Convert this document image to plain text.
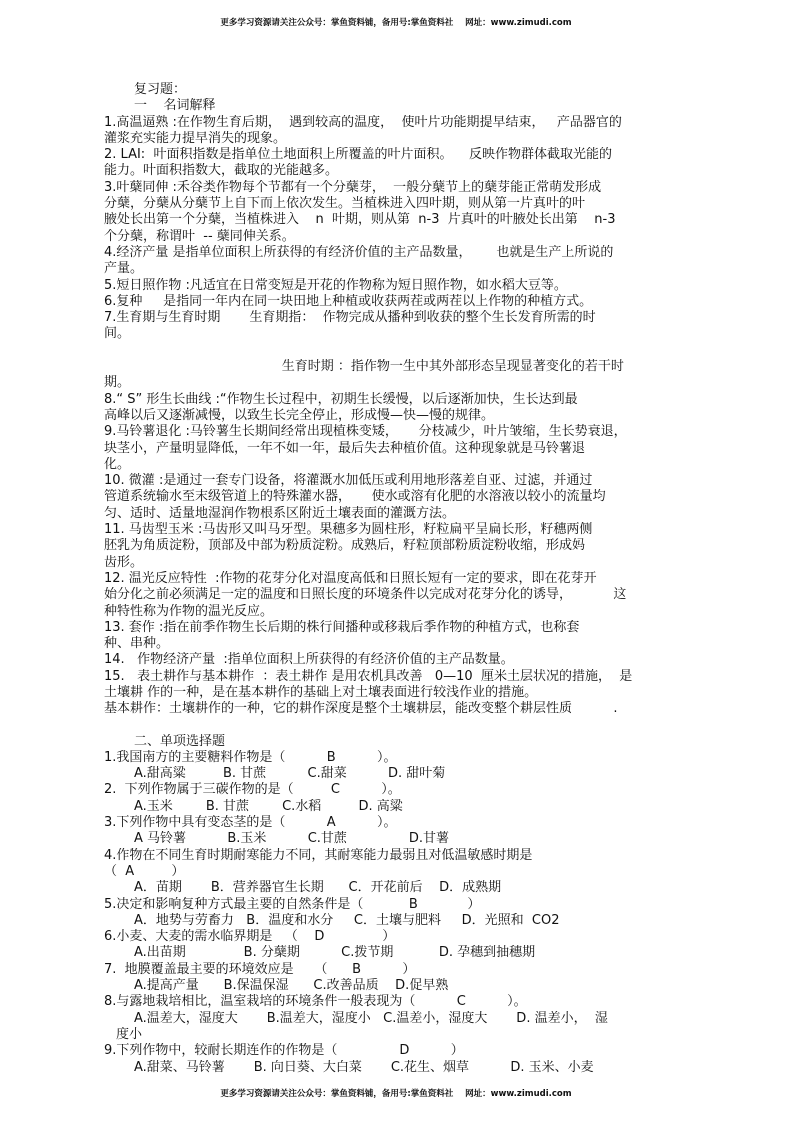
更多学习资源请关注公众号：掌鱼资料铺，备用号:掌鱼资料社    网址：www.zimudi.com
复习题：
一    名词解释
1.高温逼熟 :在作物生育后期，  遇到较高的温度，  使叶片功能期提早结束，   产品器官的
灌浆充实能力提早消失的现象。
2. LAI:  叶面积指数是指单位土地面积上所覆盖的叶片面积。    反映作物群体截取光能的
能力。叶面积指数大，截取的光能越多。
3.叶蘖同伸 :禾谷类作物每个节都有一个分蘖芽，  一般分蘖节上的蘖芽能正常萌发形成
分蘖，分蘖从分蘖节上自下而上依次发生。当植株进入四叶期，则从第一片真叶的叶
腋处长出第一个分蘖，当植株进入    n  叶期，则从第  n-3  片真叶的叶腋处长出第    n-3
个分蘖，称谓叶  -- 蘖同伸关系。
4.经济产量 是指单位面积上所获得的有经济价值的主产品数量，      也就是生产上所说的
产量。
5.短日照作物 :凡适宜在日常变短是开花的作物称为短日照作物，如水稻大豆等。
6.复种     是指同一年内在同一块田地上种植或收获两茬或两茬以上作物的种植方式。
7.生育期与生育时期       生育期指：  作物完成从播种到收获的整个生长发育所需的时
间。
生育时期 ：指作物一生中其外部形态呈现显著变化的若干时
期。
8.“ S” 形生长曲线 :“作物生长过程中，初期生长缓慢，以后逐渐加快，生长达到最
高峰以后又逐渐减慢，以致生长完全停止，形成慢—快—慢的规律。
9.马铃薯退化 :马铃薯生长期间经常出现植株变矮，     分枝减少，叶片皱缩，生长势衰退，
块茎小，产量明显降低，一年不如一年，最后失去种植价值。这种现象就是马铃薯退
化。
10. 微灌 :是通过一套专门设备，将灌溉水加低压或利用地形落差自亚、过滤，并通过
管道系统输水至末级管道上的特殊灌水器，     使水或溶有化肥的水溶液以较小的流量均
匀、适时、适量地湿润作物根系区附近土壤表面的灌溉方法。
11. 马齿型玉米 :马齿形又叫马牙型。果穗多为圆柱形，籽粒扁平呈扁长形，籽穗两侧
胚乳为角质淀粉，顶部及中部为粉质淀粉。成熟后，籽粒顶部粉质淀粉收缩，形成妈
齿形。
12. 温光反应特性  :作物的花芽分化对温度高低和日照长短有一定的要求，即在花芽开
始分化之前必须满足一定的温度和日照长度的环境条件以完成对花芽分化的诱导，          这
种特性称为作物的温光反应。
13. 套作 :指在前季作物生长后期的株行间播种或移栽后季作物的种植方式，也称套
种、串种。
14.   作物经济产量  :指单位面积上所获得的有经济价值的主产品数量。
15.   表土耕作与基本耕作  ：表土耕作 是用农机具改善   0—10  厘米土层状况的措施，  是
土壤耕 作的一种，是在基本耕作的基础上对土壤表面进行较浅作业的措施。
基本耕作：土壤耕作的一种，它的耕作深度是整个土壤耕层，能改变整个耕层性质          .
二、单项选择题
1.我国南方的主要糖料作物是（          B          ）。
A.甜高粱         B. 甘蔗          C.甜菜          D. 甜叶菊
2.  下列作物属于三碳作物的是（         C          ）。
A.玉米        B. 甘蔗        C.水稻         D. 高粱
3.下列作物中具有变态茎的是（          A          ）。
A 马铃薯          B.玉米          C.甘蔗               D.甘薯
4.作物在不同生育时期耐寒能力不同，其耐寒能力最弱且对低温敏感时期是
（  A         ）
A．苗期       B．营养器官生长期      C．开花前后    D．成熟期
5.决定和影响复种方式最主要的自然条件是（           B            ）
A．地势与劳畜力   B．温度和水分     C．土壤与肥料     D．光照和  CO2
6.小麦、大麦的需水临界期是   （    D              ）
A.出苗期              B. 分蘖期          C.拨节期           D. 孕穗到抽穗期
7.  地膜覆盖最主要的环境效应是     （      B          ）
A.提高产量      B.保温保湿      C.改善品质    D.促早熟
8.与露地栽培相比，温室栽培的环境条件一般表现为（          C          ）。
A.温差大，湿度大       B.温差大，湿度小   C.温差小，湿度大       D. 温差小，  湿
度小
9.下列作物中，较耐长期连作的作物是（               D          ）
A.甜菜、马铃薯       B. 向日葵、大白菜       C.花生、烟草          D. 玉米、小麦
更多学习资源请关注公众号：掌鱼资料铺，备用号:掌鱼资料社    网址：www.zimudi.com
